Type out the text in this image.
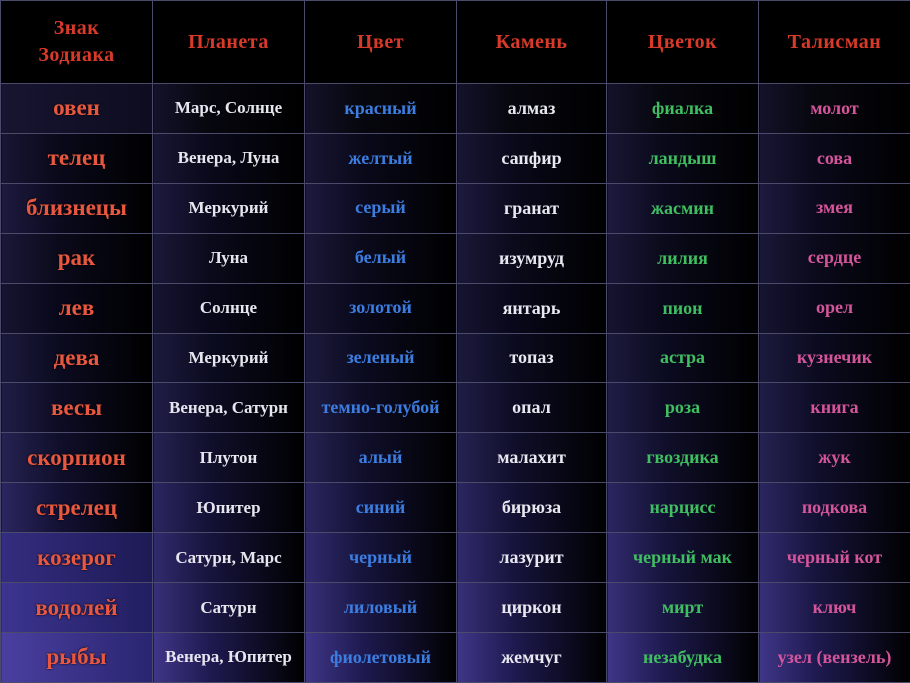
Знак
Зодиака	Планета	Цвет	Камень	Цветок	Талисман

овен	Марс, Солнце	красный	алмаз	фиалка	молот
телец	Венера, Луна	желтый	сапфир	ландыш	сова
близнецы	Меркурий	серый	гранат	жасмин	змея
рак	Луна	белый	изумруд	лилия	сердце
лев	Солнце	золотой	янтарь	пион	орел
дева	Меркурий	зеленый	топаз	астра	кузнечик
весы	Венера, Сатурн	темно-голубой	опал	роза	книга
скорпион	Плутон	алый	малахит	гвоздика	жук
стрелец	Юпитер	синий	бирюза	нарцисс	подкова
козерог	Сатурн, Марс	черный	лазурит	черный мак	черный кот
водолей	Сатурн	лиловый	циркон	мирт	ключ
рыбы	Венера, Юпитер	фиолетовый	жемчуг	незабудка	узел (вензель)
